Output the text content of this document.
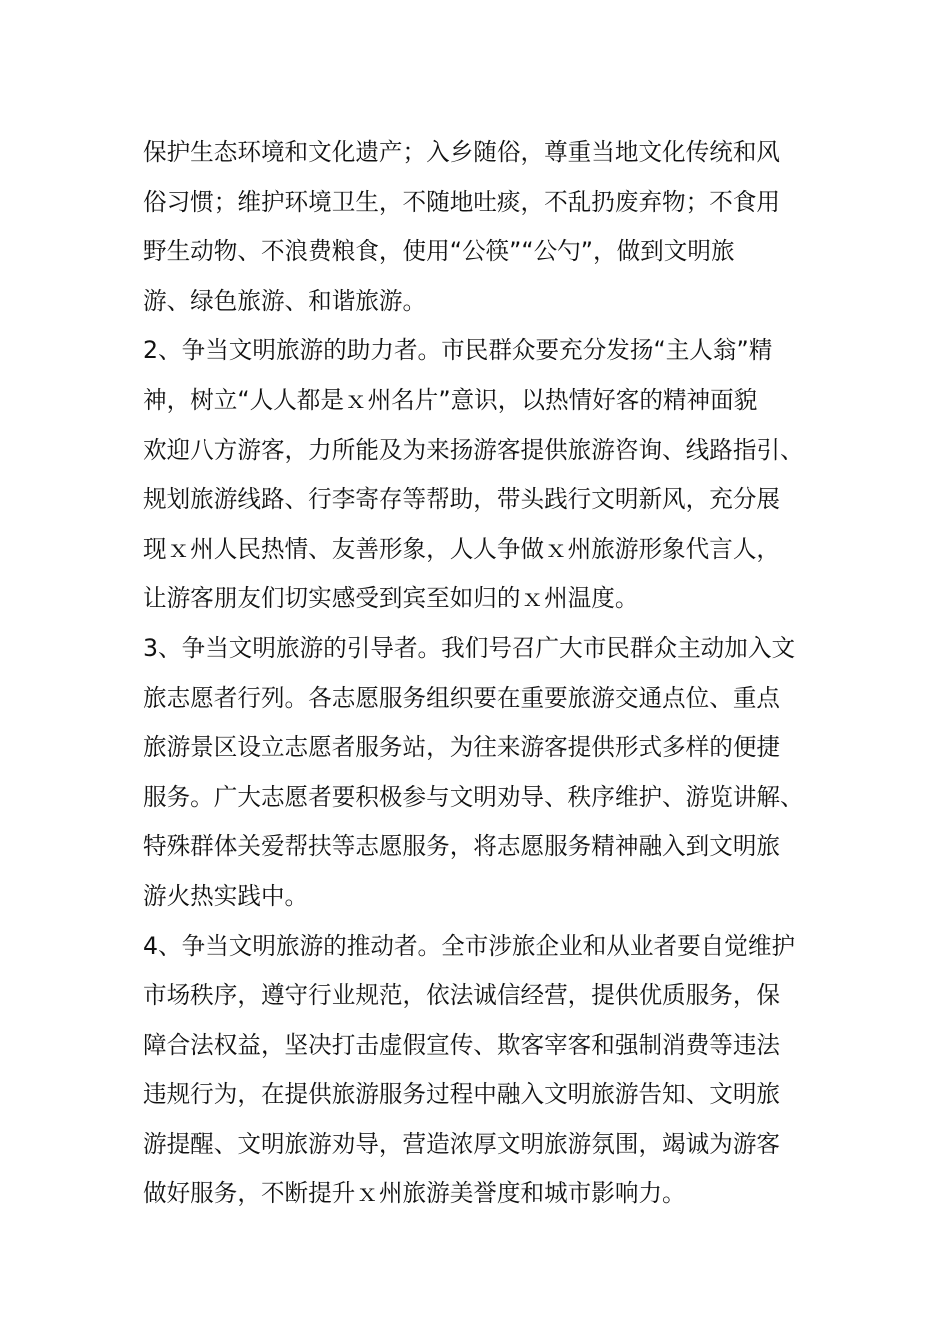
保护生态环境和文化遗产；入乡随俗，尊重当地文化传统和风
俗习惯；维护环境卫生，不随地吐痰，不乱扔废弃物；不食用
野生动物、不浪费粮食，使用“公筷”“公勺”，做到文明旅
游、绿色旅游、和谐旅游。
2、争当文明旅游的助力者。市民群众要充分发扬“主人翁”精
神，树立“人人都是ｘ州名片”意识，以热情好客的精神面貌
欢迎八方游客，力所能及为来扬游客提供旅游咨询、线路指引、
规划旅游线路、行李寄存等帮助，带头践行文明新风，充分展
现ｘ州人民热情、友善形象，人人争做ｘ州旅游形象代言人，
让游客朋友们切实感受到宾至如归的ｘ州温度。
3、争当文明旅游的引导者。我们号召广大市民群众主动加入文
旅志愿者行列。各志愿服务组织要在重要旅游交通点位、重点
旅游景区设立志愿者服务站，为往来游客提供形式多样的便捷
服务。广大志愿者要积极参与文明劝导、秩序维护、游览讲解、
特殊群体关爱帮扶等志愿服务，将志愿服务精神融入到文明旅
游火热实践中。
4、争当文明旅游的推动者。全市涉旅企业和从业者要自觉维护
市场秩序，遵守行业规范，依法诚信经营，提供优质服务，保
障合法权益，坚决打击虚假宣传、欺客宰客和强制消费等违法
违规行为，在提供旅游服务过程中融入文明旅游告知、文明旅
游提醒、文明旅游劝导，营造浓厚文明旅游氛围，竭诚为游客
做好服务，不断提升ｘ州旅游美誉度和城市影响力。
